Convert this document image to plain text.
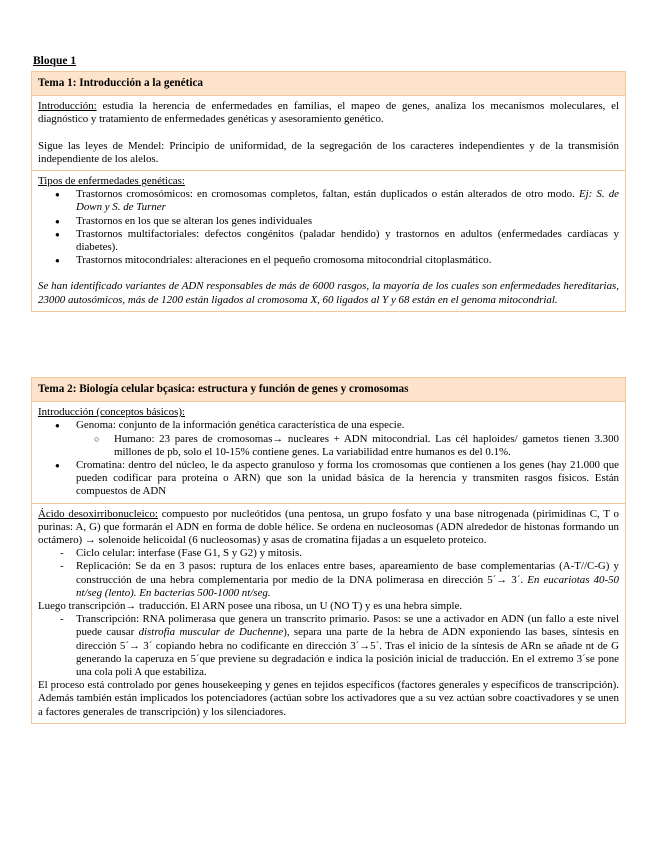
Bloque 1
Tema 1: Introducción a la genética

Introducción: estudia la herencia de enfermedades en familias, el mapeo de genes, analiza los mecanismos moleculares, el diagnóstico y tratamiento de enfermedades genéticas y asesoramiento genético.

Sigue las leyes de Mendel: Principio de uniformidad, de la segregación de los caracteres independientes y de la transmisión independiente de los alelos.

Tipos de enfermedades genéticas:

● Trastornos cromosómicos: en cromosomas completos, faltan, están duplicados o están alterados de otro modo. Ej: S. de Down y S. de Turner
● Trastornos en los que se alteran los genes individuales
● Trastornos multifactoriales: defectos congénitos (paladar hendido) y trastornos en adultos (enfermedades cardiacas y diabetes).
● Trastornos mitocondriales: alteraciones en el pequeño cromosoma mitocondrial citoplasmático.

Se han identificado variantes de ADN responsables de más de 6000 rasgos, la mayoría de los cuales son enfermedades hereditarias, 23000 autosómicos, más de 1200 están ligados al cromosoma X, 60 ligados al Y y 68 están en el genoma mitocondrial.

Tema 2: Biología celular bçasica: estructura y función de genes y cromosomas

Introducción (conceptos básicos):

● Genoma: conjunto de la información genética característica de una especie.
○ Humano: 23 pares de cromosomas→ nucleares + ADN mitocondrial. Las cél haploides/ gametos tienen 3.300 millones de pb, solo el 10-15% contiene genes. La variabilidad entre humanos es del 0.1%.
● Cromatina: dentro del núcleo, le da aspecto granuloso y forma los cromosomas que contienen a los genes (hay 21.000 que pueden codificar para proteína o ARN) que son la unidad básica de la herencia y transmiten rasgos físicos. Están compuestos de ADN

Ácido desoxirribonucleico: compuesto por nucleótidos (una pentosa, un grupo fosfato y una base nitrogenada (pirimidinas C, T o purinas: A, G) que formarán el ADN en forma de doble hélice. Se ordena en nucleosomas (ADN alrededor de histonas formando un octámero) → solenoide helicoidal (6 nucleosomas) y asas de cromatina fijadas a un esqueleto proteico.

- Ciclo celular: interfase (Fase G1, S y G2) y mitosis.
- Replicación: Se da en 3 pasos: ruptura de los enlaces entre bases, apareamiento de base complementarias (A-T//C-G) y construcción de una hebra complementaria por medio de la DNA polimerasa en dirección 5´→ 3´. En eucariotas 40-50 nt/seg (lento). En bacterias 500-1000 nt/seg.

Luego transcripción→ traducción. El ARN posee una ribosa, un U (NO T) y es una hebra simple.

- Transcripción: RNA polimerasa que genera un transcrito primario. Pasos: se une a activador en ADN (un fallo a este nivel puede causar distrofia muscular de Duchenne), separa una parte de la hebra de ADN exponiendo las bases, síntesis en dirección 5´→ 3´ copiando hebra no codificante en dirección 3´→5´. Tras el inicio de la síntesis de ARn se añade nt de G generando la caperuza en 5´que previene su degradación e indica la posición inicial de traducción. En el extremo 3´se pone una cola poli A que estabiliza.

El proceso está controlado por genes housekeeping y genes en tejidos específicos (factores generales y específicos de transcripción). Además también están implicados los potenciadores (actúan sobre los activadores que a su vez actúan sobre coactivadores y se unen a factores generales de transcripción) y los silenciadores.
